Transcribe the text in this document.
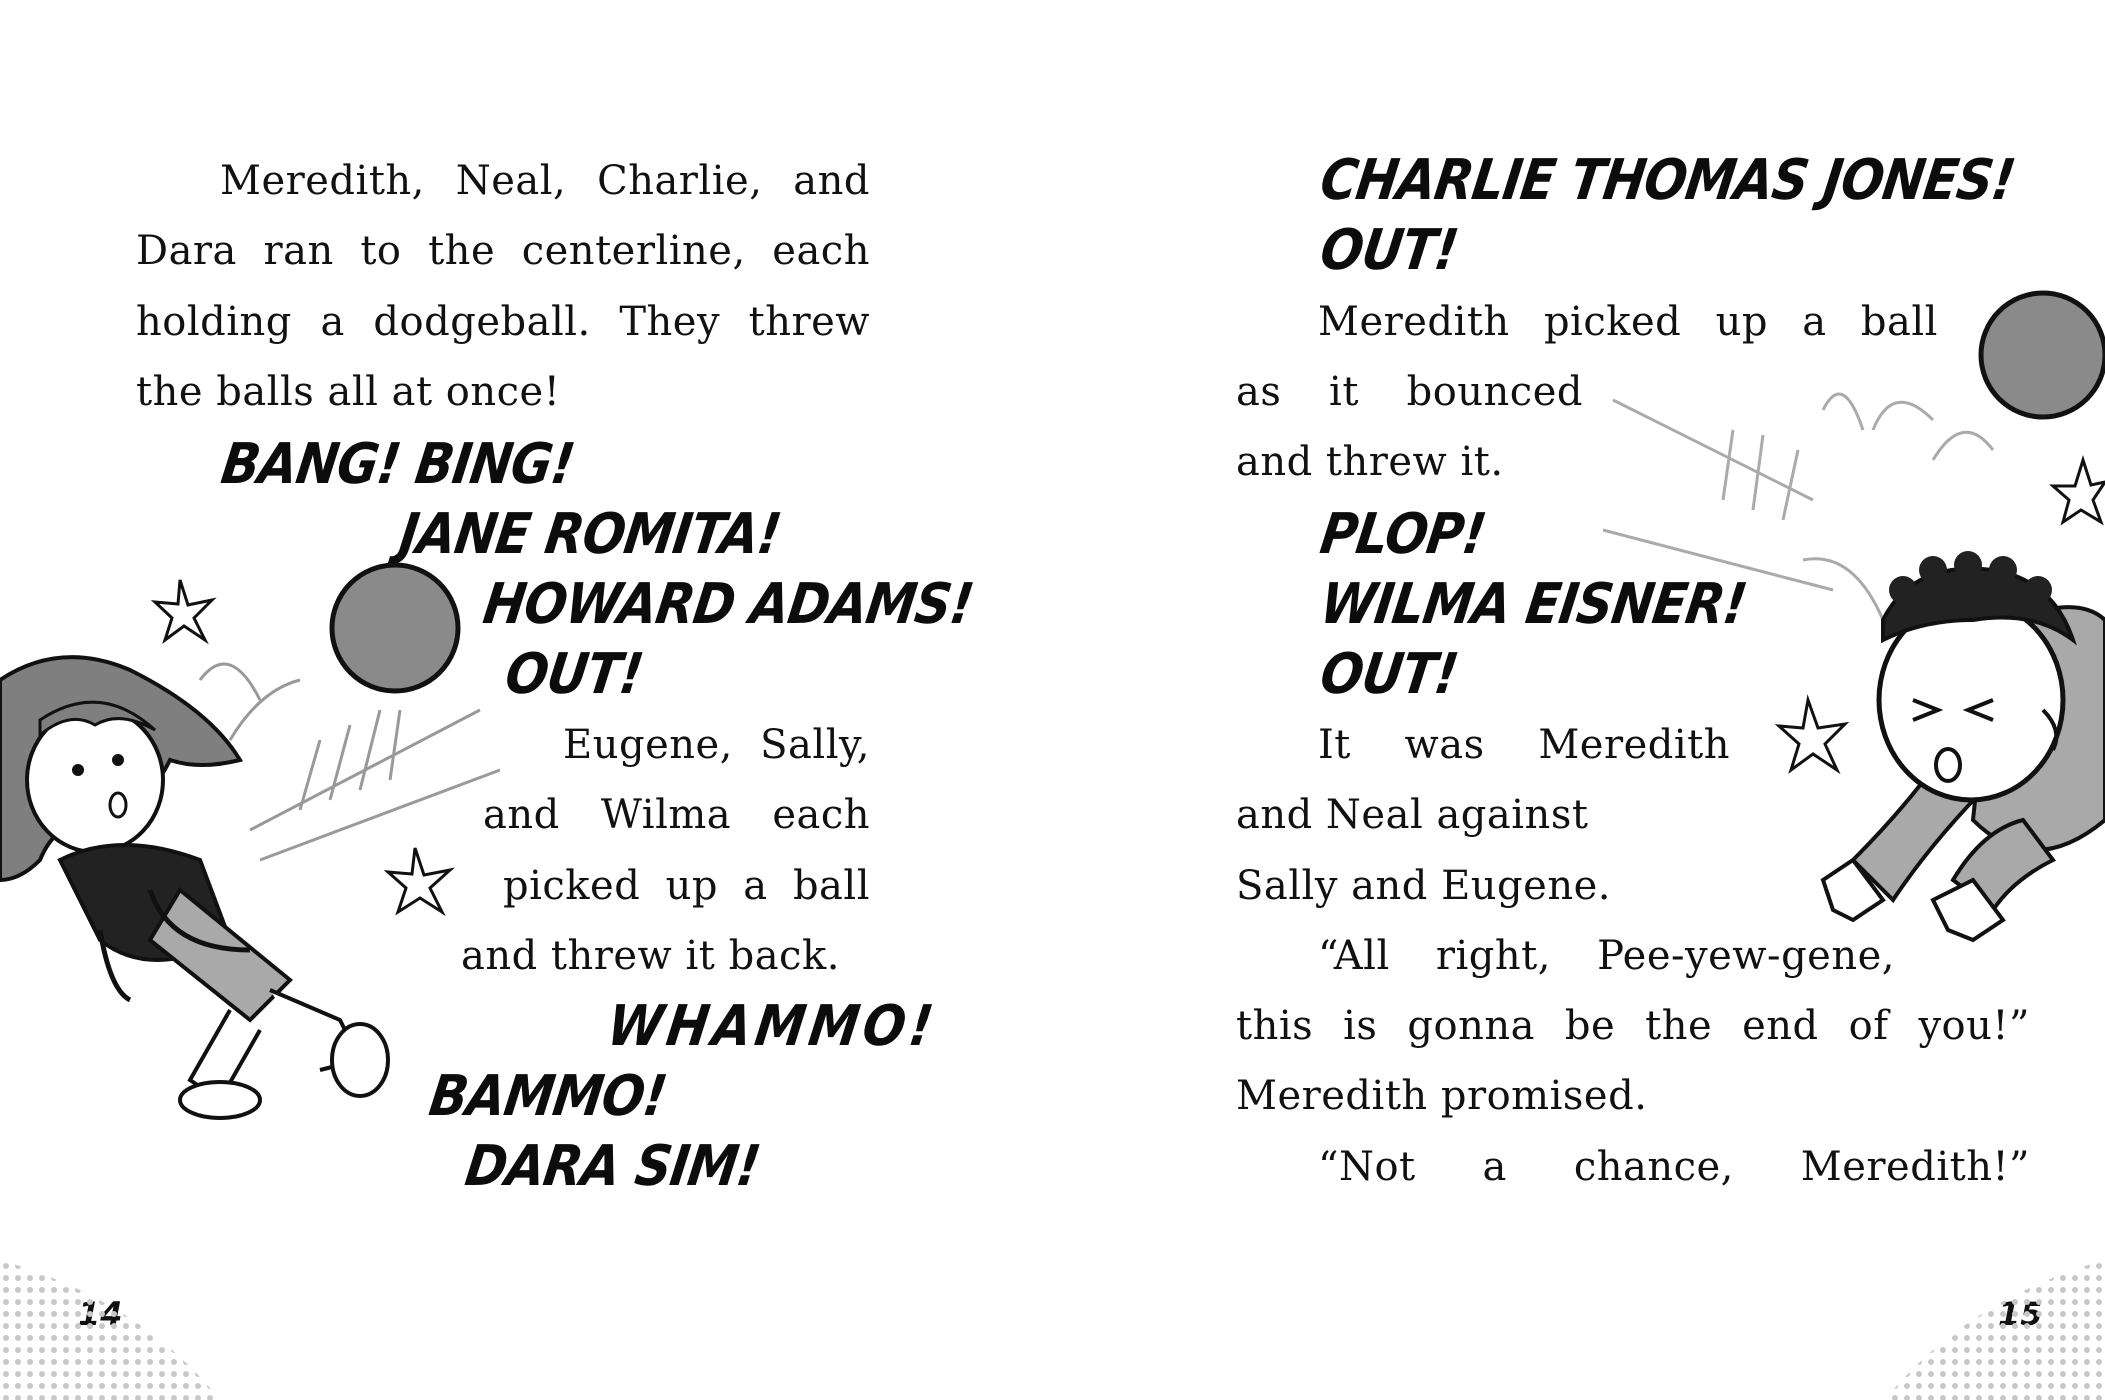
Meredith, Neal, Charlie, and
Dara ran to the centerline, each
holding a dodgeball. They threw
the balls all at once!
BANG! BING!
JANE ROMITA!
HOWARD ADAMS!
OUT!
Eugene, Sally,
and Wilma each
picked up a ball
and threw it back.
WHAMMO!
BAMMO!
DARA SIM!
CHARLIE THOMAS JONES!
OUT!
Meredith picked up a ball
as it bounced
and threw it.
PLOP!
WILMA EISNER!
OUT!
It was Meredith
and Neal against
Sally and Eugene.
“All right, Pee-yew-gene,
this is gonna be the end of you!”
Meredith promised.
“Not a chance, Meredith!”
